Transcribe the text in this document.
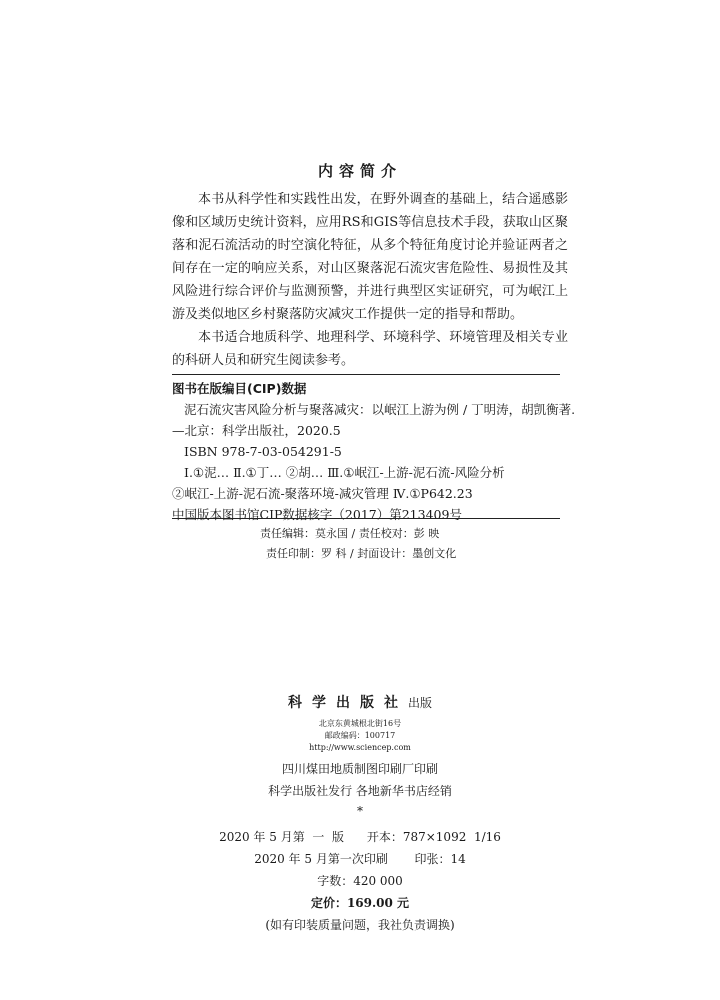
内容简介

本书从科学性和实践性出发，在野外调查的基础上，结合遥感影像和区域历史统计资料，应用RS和GIS等信息技术手段，获取山区聚落和泥石流活动的时空演化特征，从多个特征角度讨论并验证两者之间存在一定的响应关系，对山区聚落泥石流灾害危险性、易损性及其风险进行综合评价与监测预警，并进行典型区实证研究，可为岷江上游及类似地区乡村聚落防灾减灾工作提供一定的指导和帮助。

本书适合地质科学、地理科学、环境科学、环境管理及相关专业的科研人员和研究生阅读参考。

图书在版编目(CIP)数据
泥石流灾害风险分析与聚落减灾：以岷江上游为例 / 丁明涛，胡凯衡著.
—北京：科学出版社，2020.5
ISBN 978-7-03-054291-5
Ⅰ.①泥… Ⅱ.①丁… ②胡… Ⅲ.①岷江-上游-泥石流-风险分析
②岷江-上游-泥石流-聚落环境-减灾管理 Ⅳ.①P642.23
中国版本图书馆CIP数据核字（2017）第213409号
责任编辑：莫永国 / 责任校对：彭 映
责任印制：罗 科 / 封面设计：墨创文化
科学出版社出版
北京东黄城根北街16号
邮政编码：100717
http://www.sciencep.com
四川煤田地质制图印刷厂印刷
科学出版社发行 各地新华书店经销
*
2020 年 5 月第  一  版      开本：787×1092  1/16
2020 年 5 月第一次印刷       印张：14
字数：420 000
定价：169.00 元
(如有印装质量问题，我社负责调换)
